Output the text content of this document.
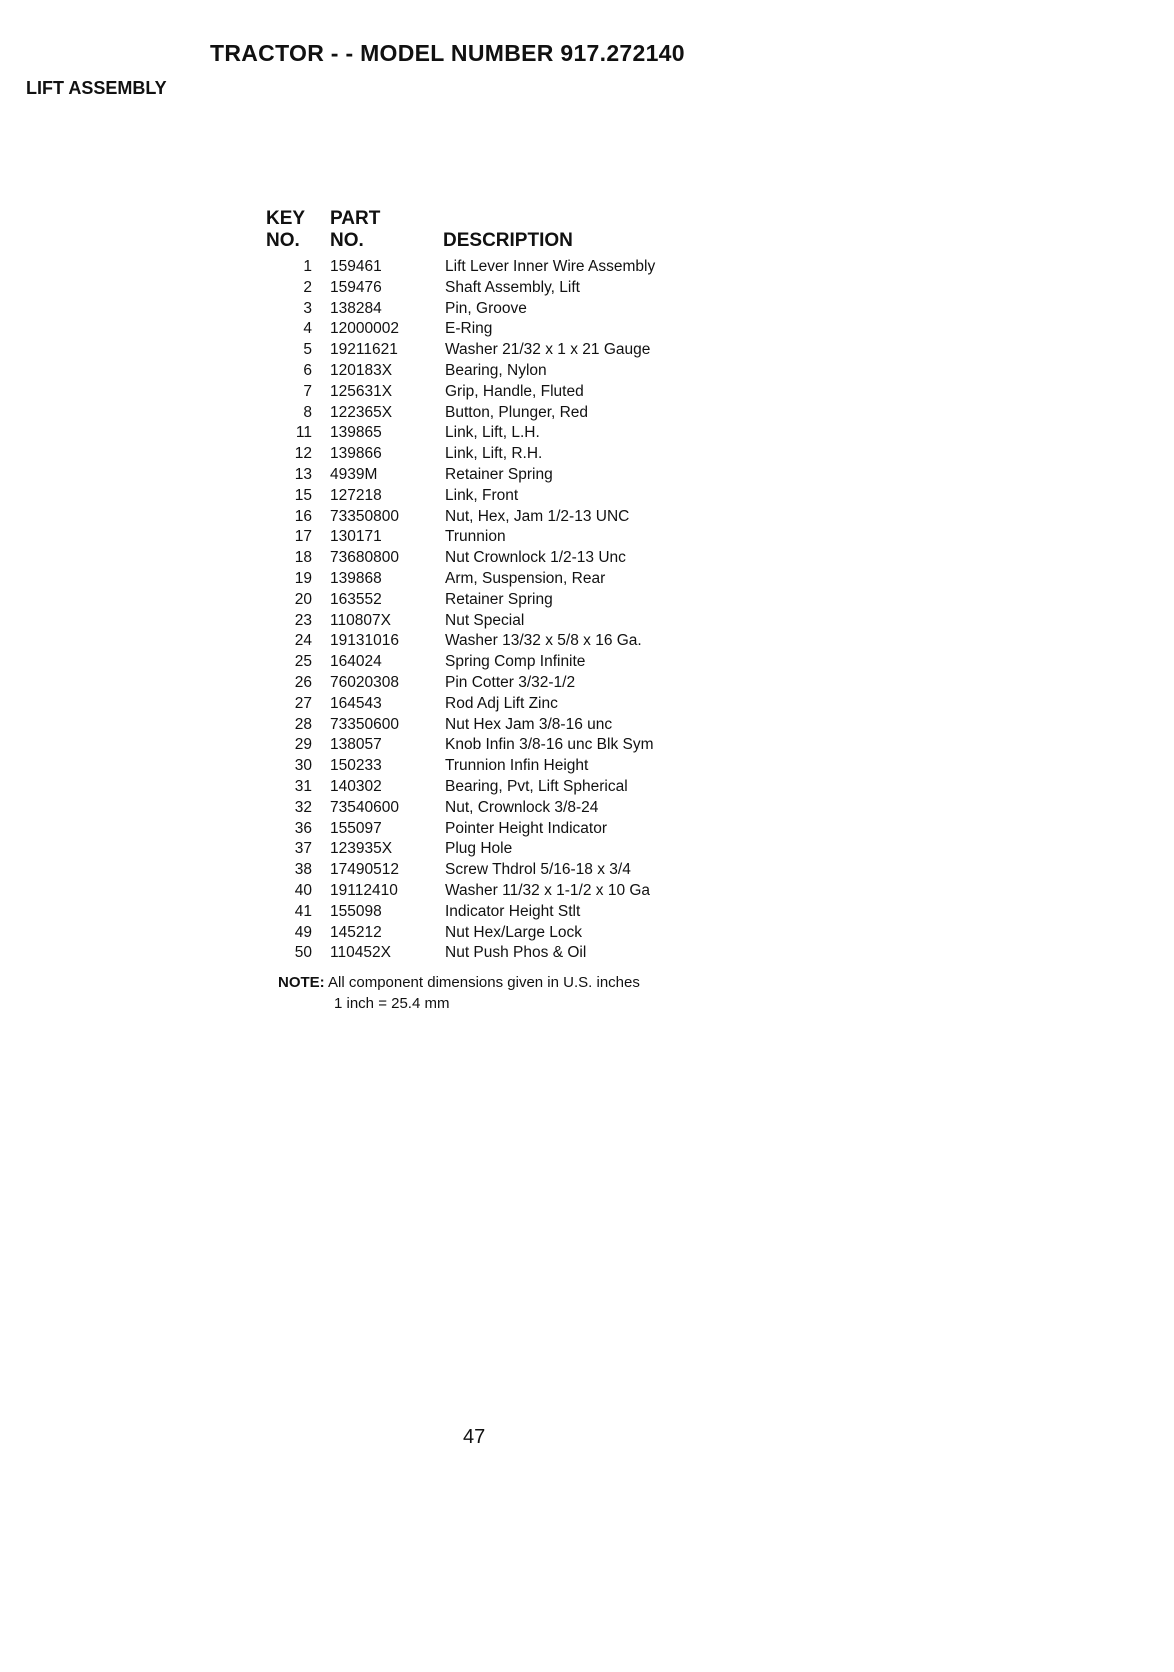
TRACTOR - - MODEL NUMBER 917.272140
LIFT ASSEMBLY
KEY
NO.
PART
NO.	DESCRIPTION
1 159461	Lift Lever Inner Wire Assembly
2 159476	Shaft Assembly, Lift
3 138284	Pin, Groove
4 12000002	E-Ring
5 19211621	Washer 21/32 x 1 x 21 Gauge
6 120183X	Bearing, Nylon
7 125631X	Grip, Handle, Fluted
8 122365X	Button, Plunger, Red
11 139865	Link, Lift, L.H.
12 139866	Link, Lift, R.H.
13 4939M	Retainer Spring
15 127218	Link, Front
16 73350800	Nut, Hex, Jam 1/2-13 UNC
17 130171	Trunnion
18 73680800	Nut Crownlock 1/2-13 Unc
19 139868	Arm, Suspension, Rear
20 163552	Retainer Spring
23 110807X	Nut Special
24 19131016	Washer 13/32 x 5/8 x 16 Ga.
25 164024	Spring Comp Infinite
26 76020308	Pin Cotter 3/32-1/2
27 164543	Rod Adj Lift Zinc
28 73350600	Nut Hex Jam 3/8-16 unc
29 138057	Knob Infin 3/8-16 unc Blk Sym
30 150233	Trunnion Infin Height
31 140302	Bearing, Pvt, Lift Spherical
32 73540600	Nut, Crownlock 3/8-24
36 155097	Pointer Height Indicator
37 123935X	Plug Hole
38 17490512	Screw Thdrol 5/16-18 x 3/4
40 19112410	Washer 11/32 x 1-1/2 x 10 Ga
41 155098	Indicator Height Stlt
49 145212	Nut Hex/Large Lock
50 110452X	Nut Push Phos & Oil
NOTE: All component dimensions given in U.S. inches
1 inch = 25.4 mm
47
